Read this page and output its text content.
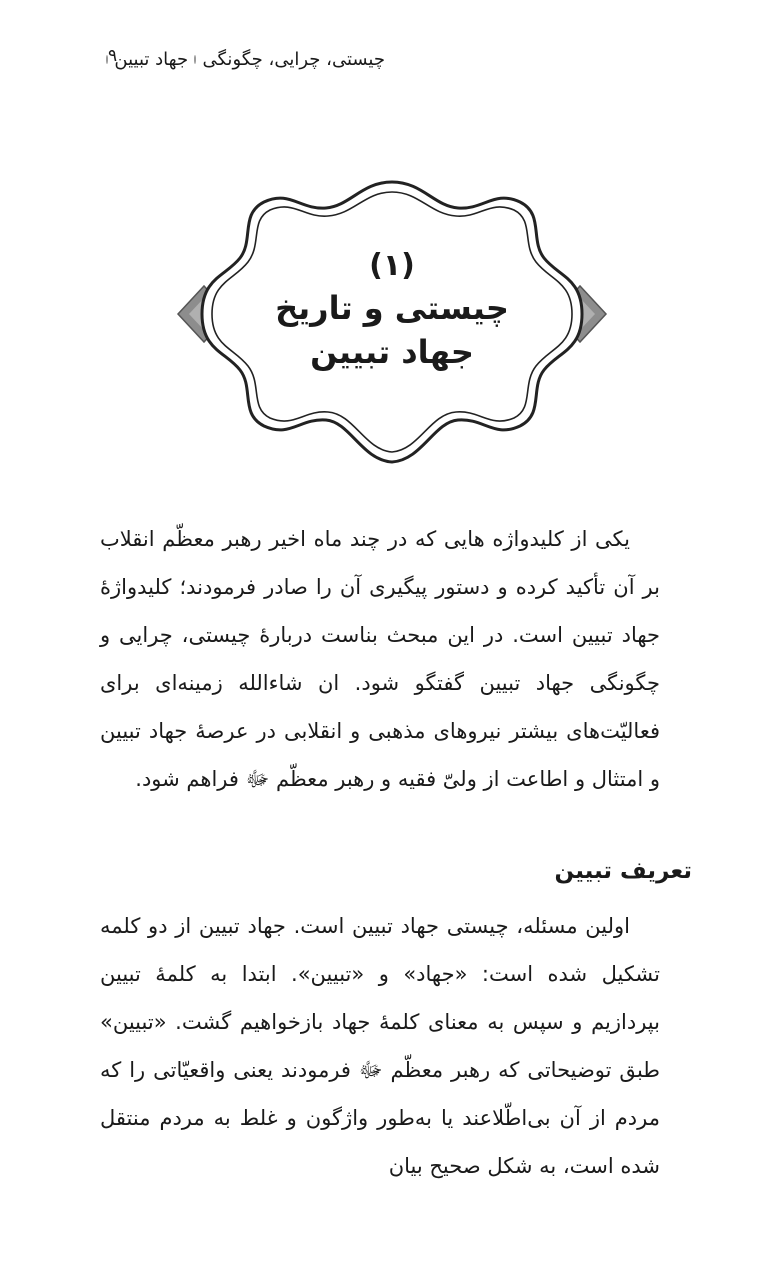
چیستی، چرایی، چگونگی
جهاد تبیین
۹
(۱)
چیستی و تاریخ
جهاد تبیین

یکی از کلیدواژه هایی که در چند ماه اخیر رهبر معظّم انقلاب بر آن تأکید کرده و دستور پیگیری آن را صادر فرمودند؛ کلیدواژهٔ جهاد تبیین است. در این مبحث بناست دربارهٔ چیستی، چرایی و چگونگی جهاد تبیین گفتگو شود. ان شاءالله زمینه‌ای برای فعالیّت‌های بیشتر نیروهای مذهبی و انقلابی در عرصهٔ جهاد تبیین و امتثال و اطاعت از ولیّ فقیه و رهبر معظّم ﷻ فراهم شود.

تعریف تبیین

اولین مسئله، چیستی جهاد تبیین است. جهاد تبیین از دو کلمه تشکیل شده است: «جهاد» و «تبیین». ابتدا به کلمهٔ تبیین بپردازیم و سپس به معنای کلمهٔ جهاد بازخواهیم گشت. «تبیین» طبق توضیحاتی که رهبر معظّم ﷻ فرمودند یعنی واقعیّاتی را که مردم از آن بی‌اطّلاعند یا به‌طور واژگون و غلط به مردم منتقل شده است، به شکل صحیح بیان
